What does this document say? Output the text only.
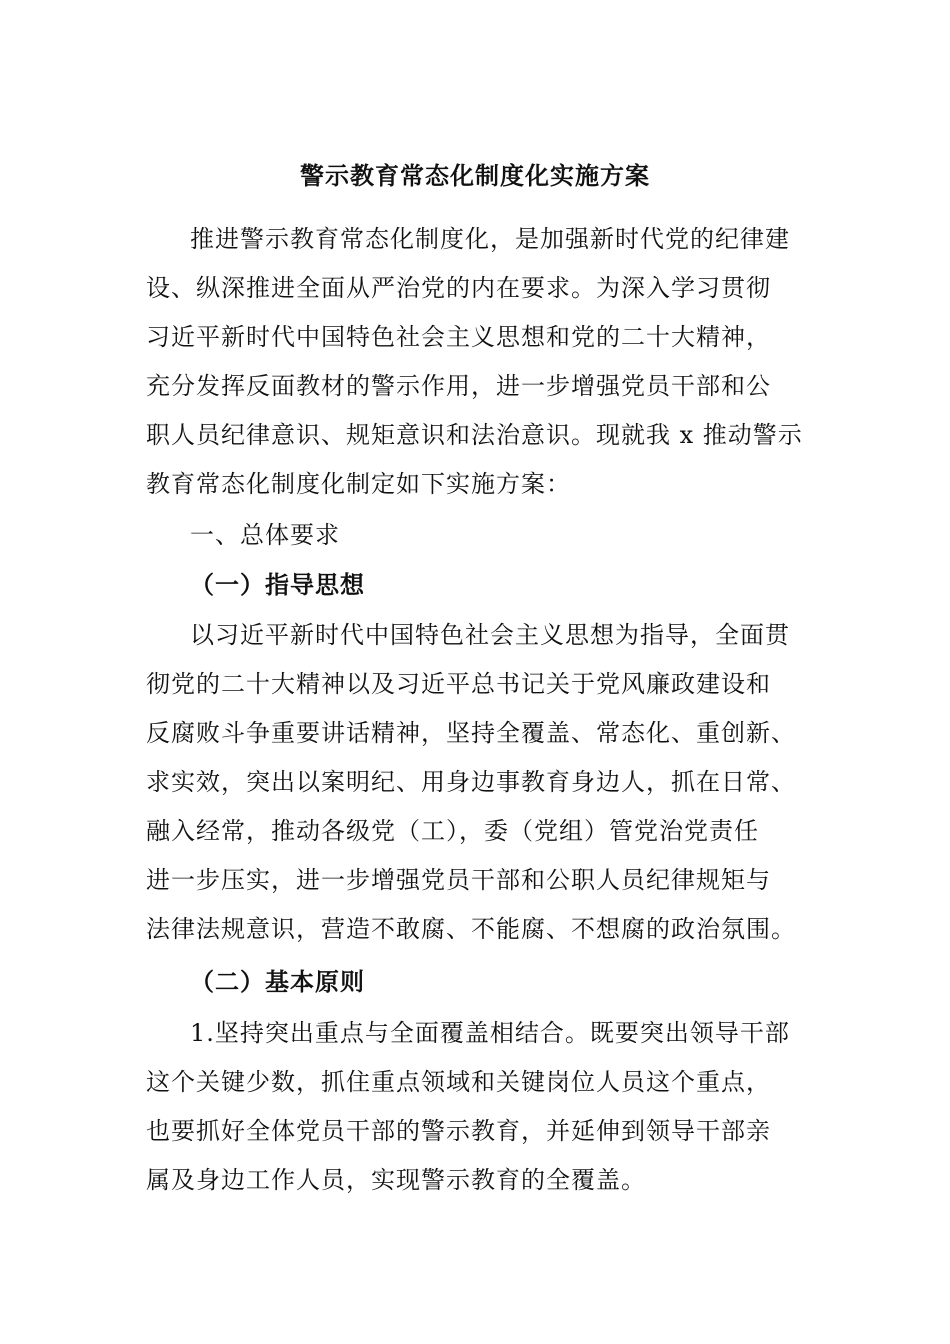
警示教育常态化制度化实施方案
推进警示教育常态化制度化，是加强新时代党的纪律建
设、纵深推进全面从严治党的内在要求。为深入学习贯彻
习近平新时代中国特色社会主义思想和党的二十大精神，
充分发挥反面教材的警示作用，进一步增强党员干部和公
职人员纪律意识、规矩意识和法治意识。现就我 x 推动警示
教育常态化制度化制定如下实施方案：
一、总体要求
（一）指导思想
以习近平新时代中国特色社会主义思想为指导，全面贯
彻党的二十大精神以及习近平总书记关于党风廉政建设和
反腐败斗争重要讲话精神，坚持全覆盖、常态化、重创新、
求实效，突出以案明纪、用身边事教育身边人，抓在日常、
融入经常，推动各级党（工），委（党组）管党治党责任
进一步压实，进一步增强党员干部和公职人员纪律规矩与
法律法规意识，营造不敢腐、不能腐、不想腐的政治氛围。
（二）基本原则
1.坚持突出重点与全面覆盖相结合。既要突出领导干部
这个关键少数，抓住重点领域和关键岗位人员这个重点，
也要抓好全体党员干部的警示教育，并延伸到领导干部亲
属及身边工作人员，实现警示教育的全覆盖。
